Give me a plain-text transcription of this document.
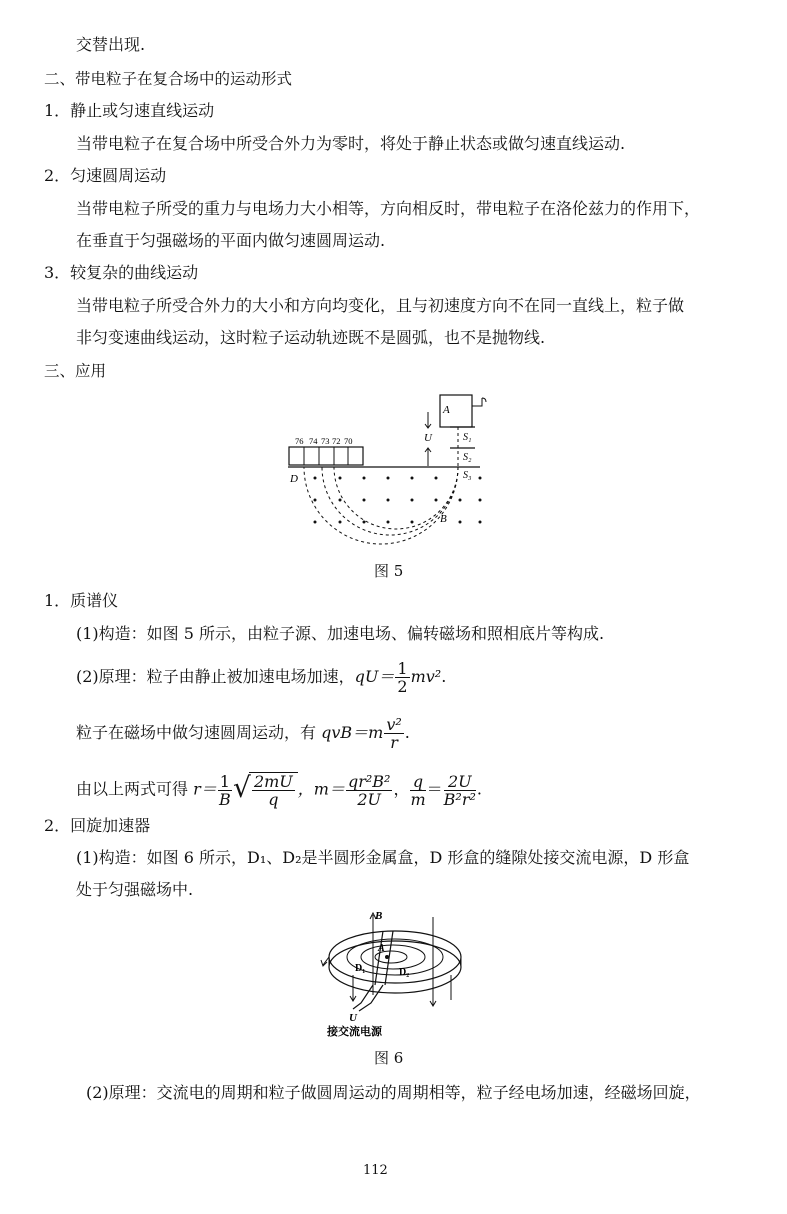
交替出现.
二、带电粒子在复合场中的运动形式
1．静止或匀速直线运动
当带电粒子在复合场中所受合外力为零时，将处于静止状态或做匀速直线运动.
2．匀速圆周运动
当带电粒子所受的重力与电场力大小相等，方向相反时，带电粒子在洛伦兹力的作用下，
在垂直于匀强磁场的平面内做匀速圆周运动.
3．较复杂的曲线运动
当带电粒子所受合外力的大小和方向均变化，且与初速度方向不在同一直线上，粒子做
非匀变速曲线运动，这时粒子运动轨迹既不是圆弧，也不是抛物线.
三、应用
A
S₁
S₂
S₃
U
76 74 73 72 70
D
B
图 5
1．质谱仪
(1)构造：如图 5 所示，由粒子源、加速电场、偏转磁场和照相底片等构成.
(2)原理：粒子由静止被加速电场加速，$qU= \frac{1}{2} mv^2$.
粒子在磁场中做匀速圆周运动，有 $qvB=m \frac{\text{v²}}{r}$ .
由以上两式可得 $r= \frac{1}{B}$ √ $\frac{2mU}{q}$ ，$m= \frac{\text{qr²B²}}{2U}$ ， $\frac{q}{m} = \frac{2U}{\text{B²r²}}$ .
2．回旋加速器
(1)构造：如图 6 所示，D₁、D₂是半圆形金属盒，D 形盒的缝隙处接交流电源，D 形盒
处于匀强磁场中.
B
A
D₁	D₂
U
接交流电源
图 6
(2)原理：交流电的周期和粒子做圆周运动的周期相等，粒子经电场加速，经磁场回旋，
112
